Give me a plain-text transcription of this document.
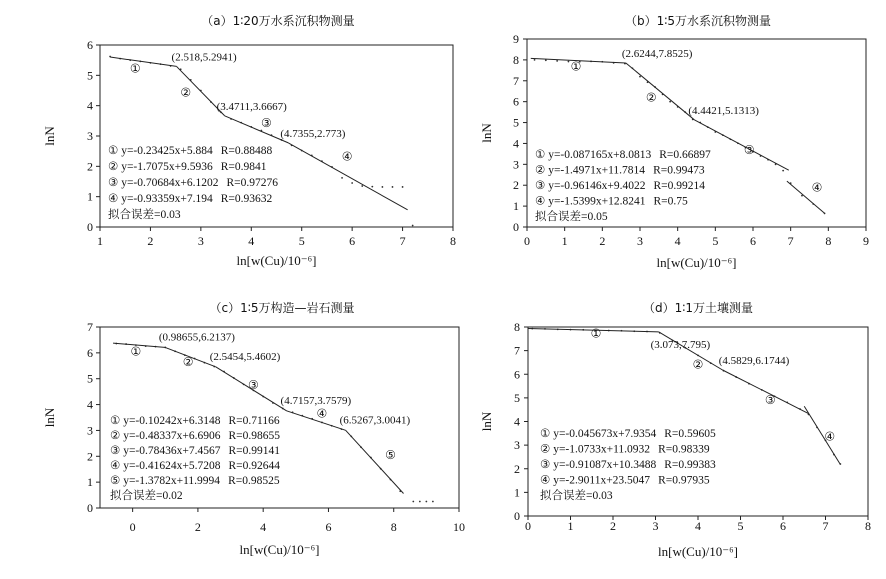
（a）1∶20万水系沉积物测量
1	2	3	4	5	6	7	8
0
1
2
3
4
5
6
ln[w(Cu)/10⁻⁶]
lnN
(2.518,5.2941)
(3.4711,3.6667)
(4.7355,2.773)
①
②
③
④
① y=-0.23425x+5.884 R=0.88488
② y=-1.7075x+9.5936 R=0.9841
③ y=-0.70684x+6.1202 R=0.97276
④ y=-0.93359x+7.194 R=0.93632
拟合误差=0.03
（b）1∶5万水系沉积物测量
0	1	2	3	4	5	6	7	8	9
0
1
2
3
4
5
6
7
8
9
ln[w(Cu)/10⁻⁶]
lnN
(2.6244,7.8525)
(4.4421,5.1313)
①
②
③
④
① y=-0.087165x+8.0813 R=0.66897
② y=-1.4971x+11.7814 R=0.99473
③ y=-0.96146x+9.4022 R=0.99214
④ y=-1.5399x+12.8241 R=0.75
拟合误差=0.05
（c）1∶5万构造—岩石测量
0	2	4	6	8	10
0
1
2
3
4
5
6
7
ln[w(Cu)/10⁻⁶]
lnN
(0.98655,6.2137)
(2.5454,5.4602)
(4.7157,3.7579)
(6.5267,3.0041)
①
②
③
④
⑤
① y=-0.10242x+6.3148 R=0.71166
② y=-0.48337x+6.6906 R=0.98655
③ y=-0.78436x+7.4567 R=0.99141
④ y=-0.41624x+5.7208 R=0.92644
⑤ y=-1.3782x+11.9994 R=0.98525
拟合误差=0.02
（d）1∶1万土壤测量
0	1	2	3	4	5	6	7	8
0
1
2
3
4
5
6
7
8
ln[w(Cu)/10⁻⁶]
lnN
(3.073,7.795)
(4.5829,6.1744)
①
②
③
④
① y=-0.045673x+7.9354 R=0.59605
② y=-1.0733x+11.0932 R=0.98339
③ y=-0.91087x+10.3488 R=0.99383
④ y=-2.9011x+23.5047 R=0.97935
拟合误差=0.03
